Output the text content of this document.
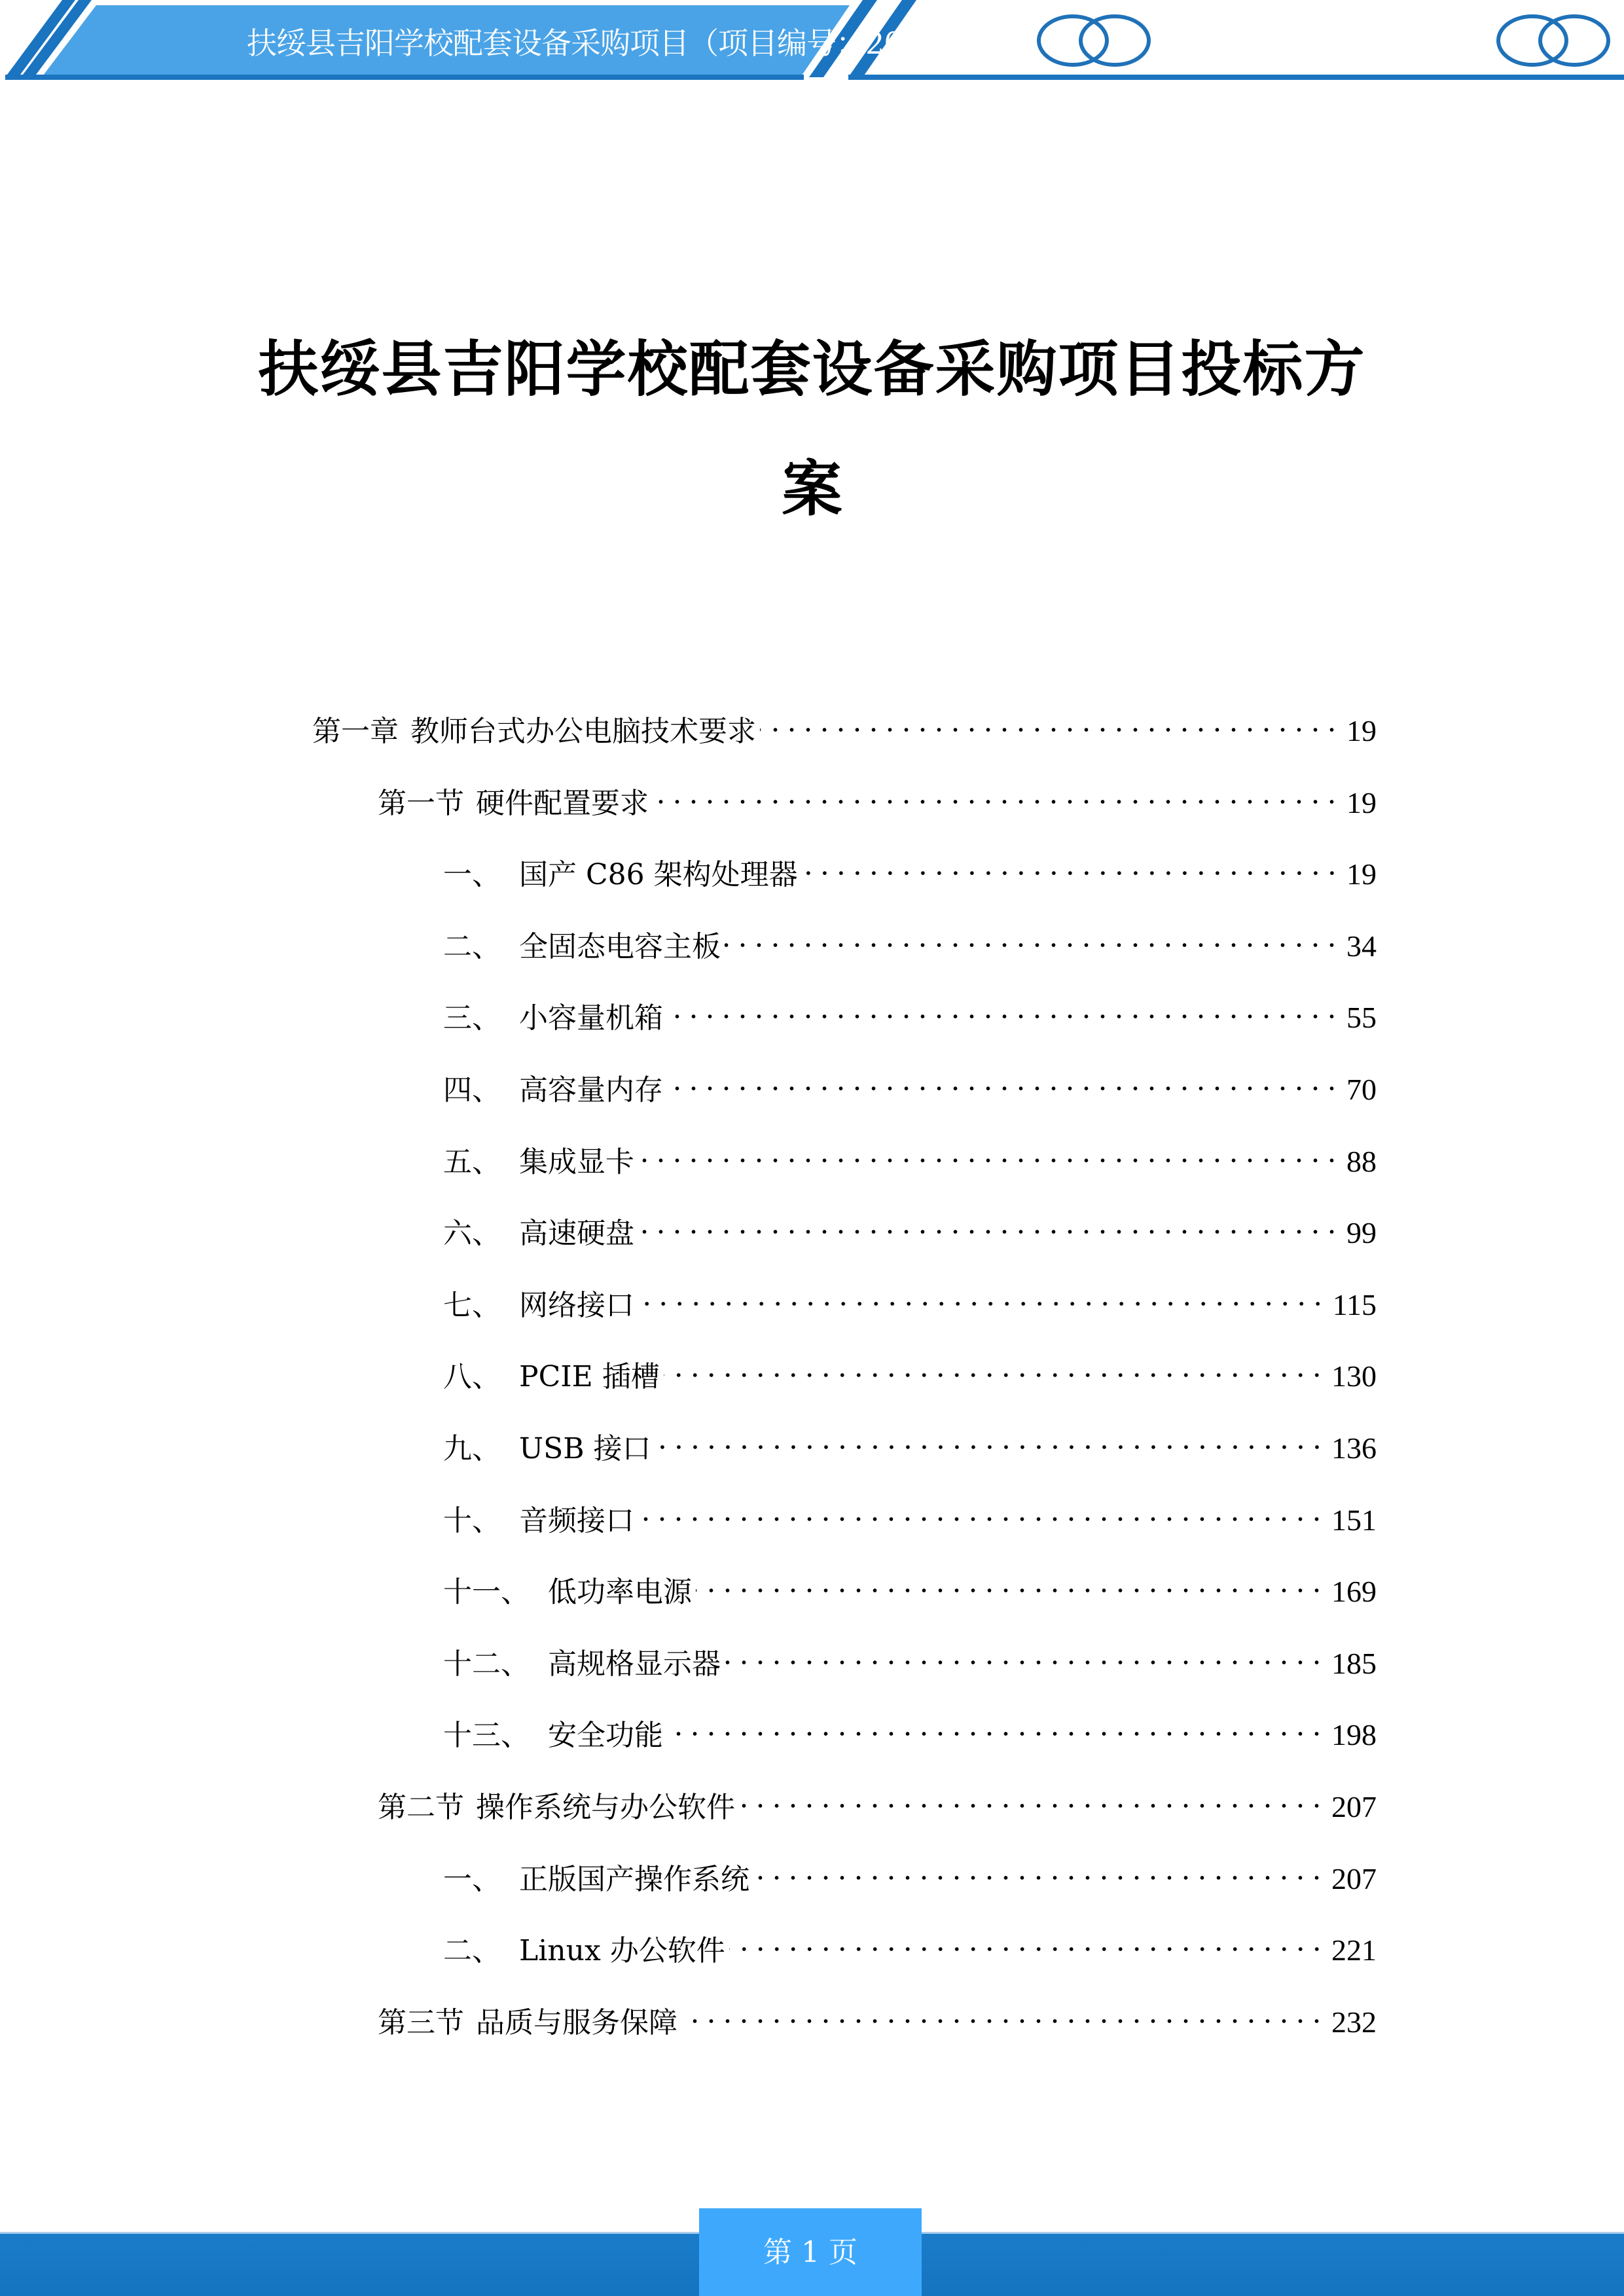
扶绥县吉阳学校配套设备采购项目（项目编号：2022）
扶绥县吉阳学校配套设备采购项目投标方
案
第一章 教师台式办公电脑技术要求	19
第一节 硬件配置要求	19
一、 国产 C86 架构处理器	19
二、 全固态电容主板	34
三、 小容量机箱	55
四、 高容量内存	70
五、 集成显卡	88
六、 高速硬盘	99
七、 网络接口	115
八、 PCIE 插槽	130
九、 USB 接口	136
十、 音频接口	151
十一、 低功率电源	169
十二、 高规格显示器	185
十三、 安全功能	198
第二节 操作系统与办公软件	207
一、 正版国产操作系统	207
二、 Linux 办公软件	221
第三节 品质与服务保障	232
第 1 页
